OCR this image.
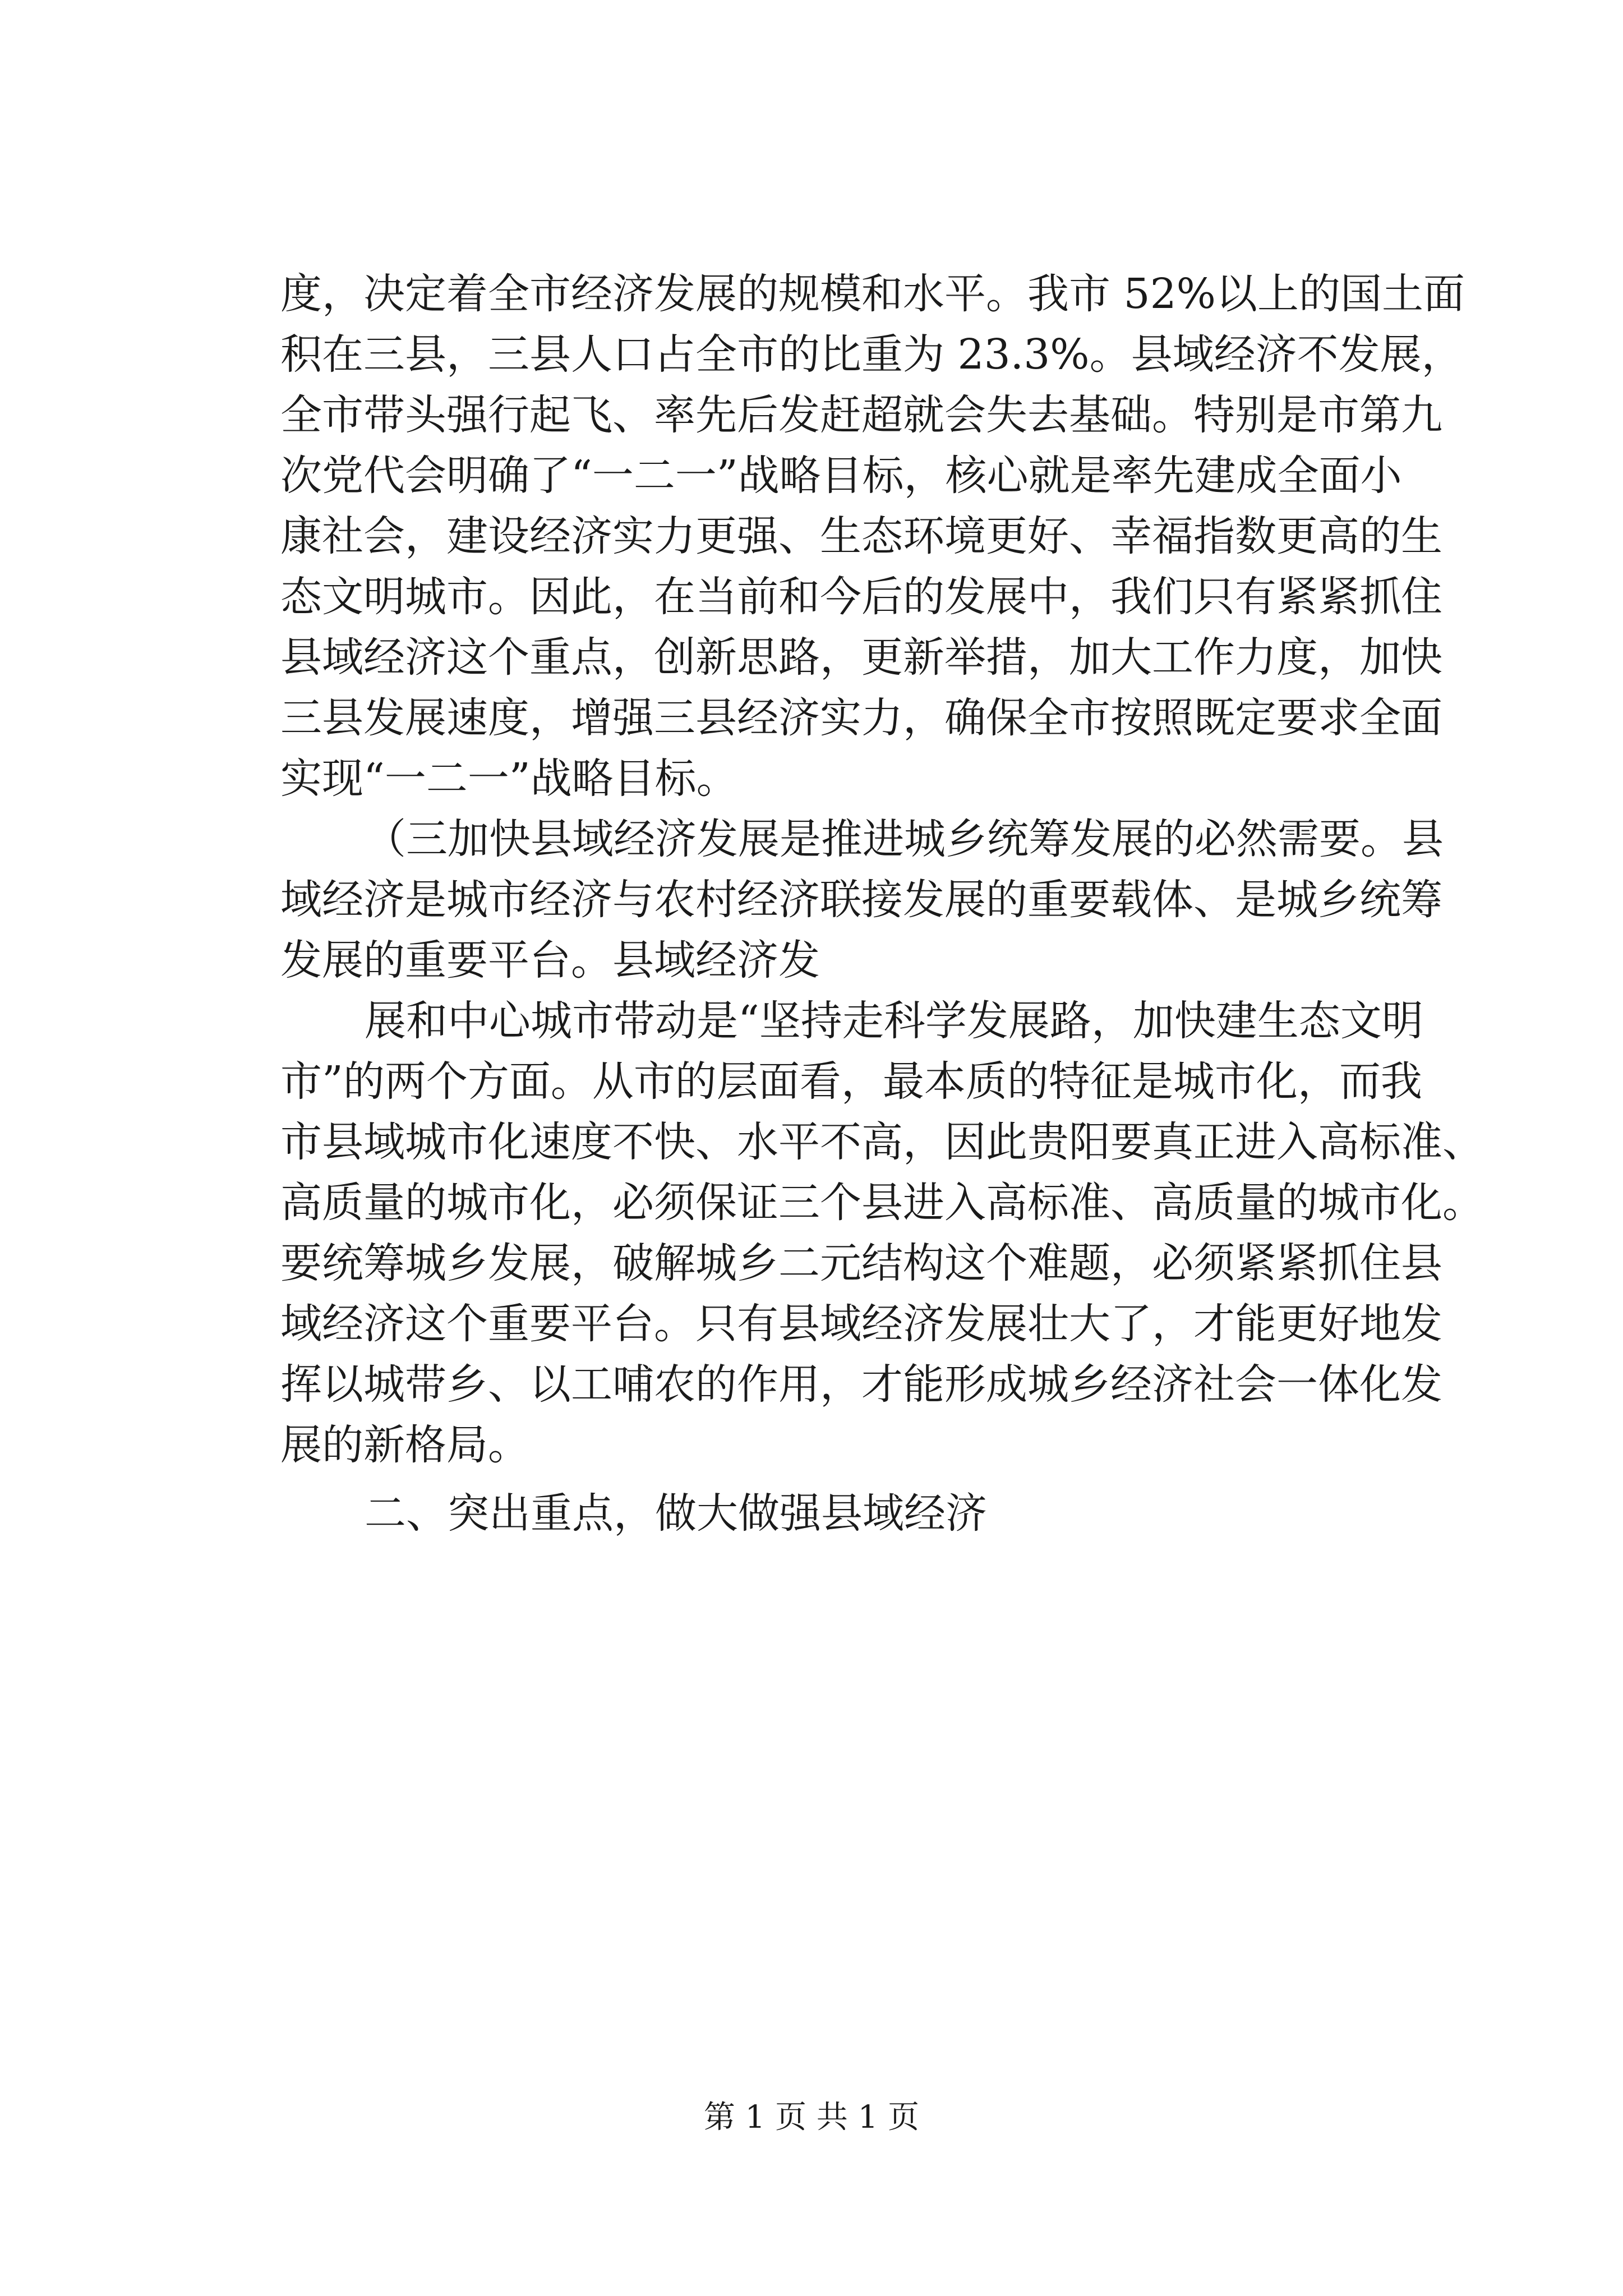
度，决定着全市经济发展的规模和水平。我市 52%以上的国土面
积在三县，三县人口占全市的比重为 23.3%。县域经济不发展，
全市带头强行起飞、率先后发赶超就会失去基础。特别是市第九
次党代会明确了“一二一”战略目标，核心就是率先建成全面小
康社会，建设经济实力更强、生态环境更好、幸福指数更高的生
态文明城市。因此，在当前和今后的发展中，我们只有紧紧抓住
县域经济这个重点，创新思路，更新举措，加大工作力度，加快
三县发展速度，增强三县经济实力，确保全市按照既定要求全面
实现“一二一”战略目标。
（三加快县域经济发展是推进城乡统筹发展的必然需要。县
域经济是城市经济与农村经济联接发展的重要载体、是城乡统筹
发展的重要平台。县域经济发
展和中心城市带动是“坚持走科学发展路，加快建生态文明
市”的两个方面。从市的层面看，最本质的特征是城市化，而我
市县域城市化速度不快、水平不高，因此贵阳要真正进入高标准、
高质量的城市化，必须保证三个县进入高标准、高质量的城市化。
要统筹城乡发展，破解城乡二元结构这个难题，必须紧紧抓住县
域经济这个重要平台。只有县域经济发展壮大了，才能更好地发
挥以城带乡、以工哺农的作用，才能形成城乡经济社会一体化发
展的新格局。
二、突出重点，做大做强县域经济
第 1 页 共 1 页
